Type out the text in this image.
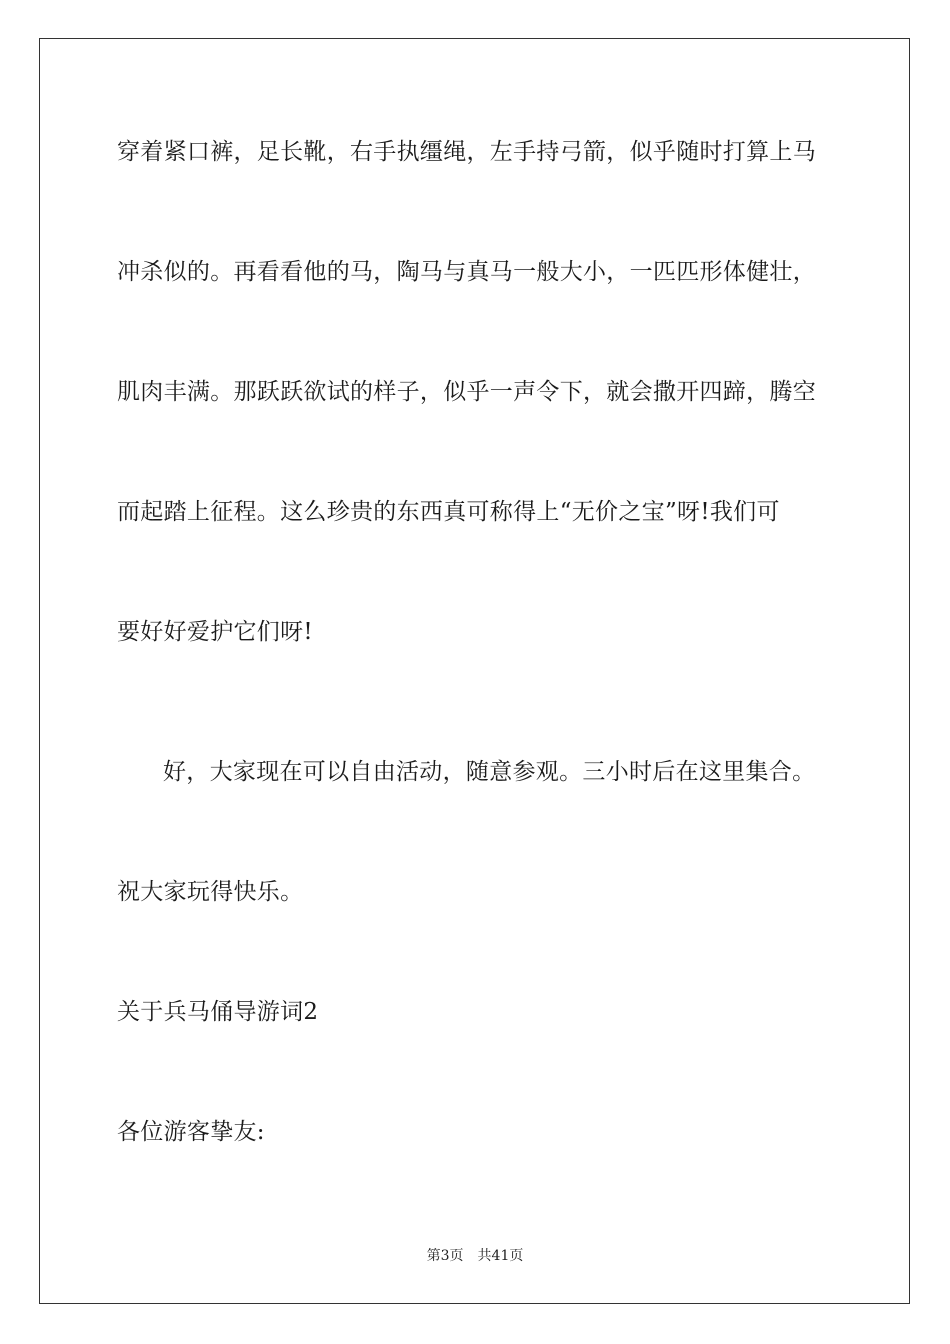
穿着紧口裤，足长靴，右手执缰绳，左手持弓箭，似乎随时打算上马
冲杀似的。再看看他的马，陶马与真马一般大小，一匹匹形体健壮，
肌肉丰满。那跃跃欲试的样子，似乎一声令下，就会撒开四蹄，腾空
而起踏上征程。这么珍贵的东西真可称得上“无价之宝”呀!我们可
要好好爱护它们呀!
好，大家现在可以自由活动，随意参观。三小时后在这里集合。
祝大家玩得快乐。
关于兵马俑导游词2
各位游客挚友:
第3页 共41页
